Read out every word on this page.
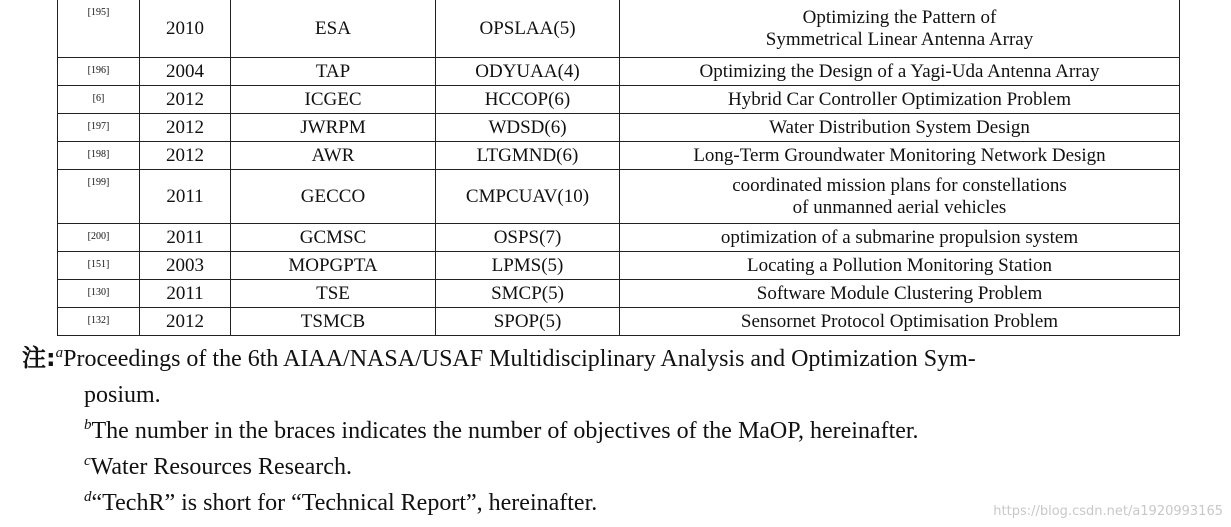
[195]	2010	ESA	OPSLAA(5)	Optimizing the Pattern of
Symmetrical Linear Antenna Array
[196]	2004	TAP	ODYUAA(4)	Optimizing the Design of a Yagi-Uda Antenna Array
[6]	2012	ICGEC	HCCOP(6)	Hybrid Car Controller Optimization Problem
[197]	2012	JWRPM	WDSD(6)	Water Distribution System Design
[198]	2012	AWR	LTGMND(6)	Long-Term Groundwater Monitoring Network Design
[199]	2011	GECCO	CMPCUAV(10)	coordinated mission plans for constellations
of unmanned aerial vehicles
[200]	2011	GCMSC	OSPS(7)	optimization of a submarine propulsion system
[151]	2003	MOPGPTA	LPMS(5)	Locating a Pollution Monitoring Station
[130]	2011	TSE	SMCP(5)	Software Module Clustering Problem
[132]	2012	TSMCB	SPOP(5)	Sensornet Protocol Optimisation Problem
注:$^a$Proceedings of the 6th AIAA/NASA/USAF Multidisciplinary Analysis and Optimization Sym-
posium.
$^b$The number in the braces indicates the number of objectives of the MaOP, hereinafter.
$^c$Water Resources Research.
$^d$“TechR” is short for “Technical Report”, hereinafter.	https://blog.csdn.net/a1920993165
